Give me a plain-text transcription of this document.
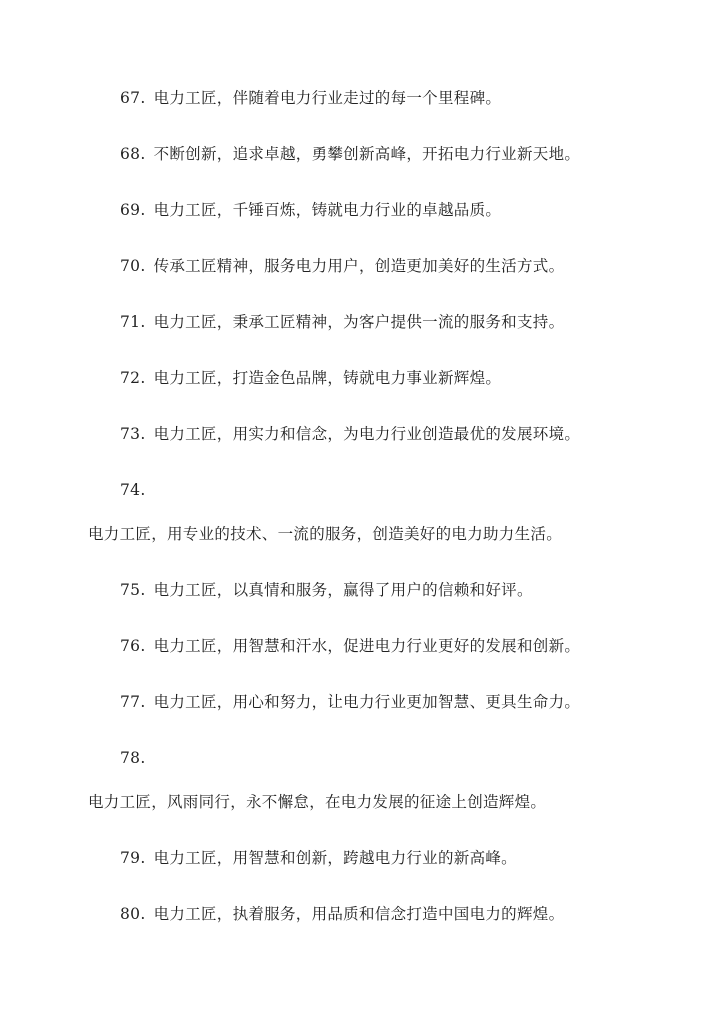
67. 电力工匠，伴随着电力行业走过的每一个里程碑。
68. 不断创新，追求卓越，勇攀创新高峰，开拓电力行业新天地。
69. 电力工匠，千锤百炼，铸就电力行业的卓越品质。
70. 传承工匠精神，服务电力用户，创造更加美好的生活方式。
71. 电力工匠，秉承工匠精神，为客户提供一流的服务和支持。
72. 电力工匠，打造金色品牌，铸就电力事业新辉煌。
73. 电力工匠，用实力和信念，为电力行业创造最优的发展环境。
74.
电力工匠，用专业的技术、一流的服务，创造美好的电力助力生活。
75. 电力工匠，以真情和服务，赢得了用户的信赖和好评。
76. 电力工匠，用智慧和汗水，促进电力行业更好的发展和创新。
77. 电力工匠，用心和努力，让电力行业更加智慧、更具生命力。
78.
电力工匠，风雨同行，永不懈怠，在电力发展的征途上创造辉煌。
79. 电力工匠，用智慧和创新，跨越电力行业的新高峰。
80. 电力工匠，执着服务，用品质和信念打造中国电力的辉煌。
